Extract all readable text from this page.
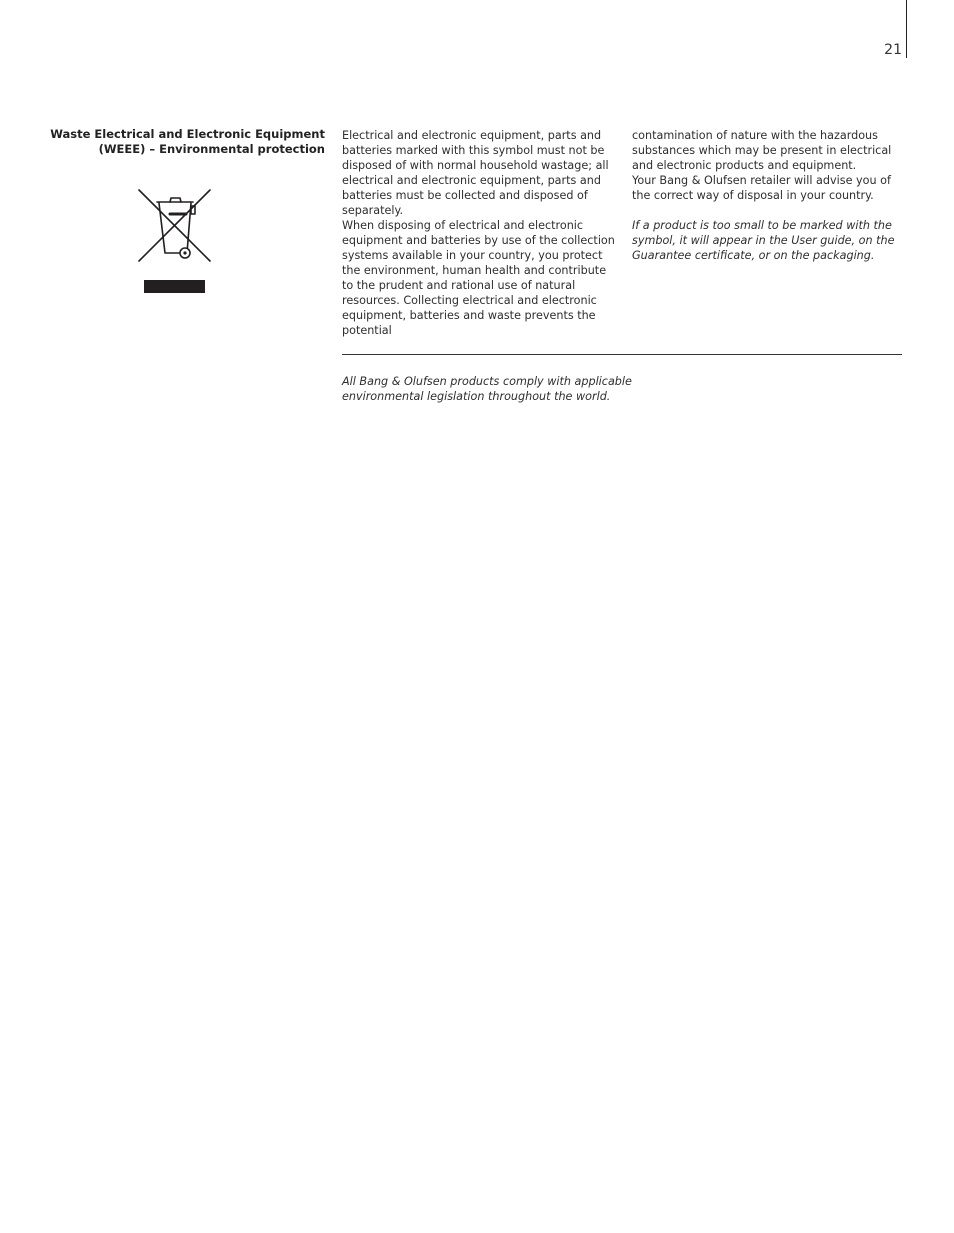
21
Waste Electrical and Electronic Equipment
(WEEE) – Environmental protection

Electrical and electronic equipment, parts and batteries marked with this symbol must not be disposed of with normal household wastage; all electrical and electronic equipment, parts and batteries must be collected and disposed of separately.

When disposing of electrical and electronic equipment and batteries by use of the collection systems available in your country, you protect the environment, human health and contribute to the prudent and rational use of natural resources. Collecting electrical and electronic equipment, batteries and waste prevents the potential

contamination of nature with the hazardous substances which may be present in electrical and electronic products and equipment.

Your Bang & Olufsen retailer will advise you of the correct way of disposal in your country.

If a product is too small to be marked with the symbol, it will appear in the User guide, on the Guarantee certificate, or on the packaging.

All Bang & Olufsen products comply with applicable environmental legislation throughout the world.
